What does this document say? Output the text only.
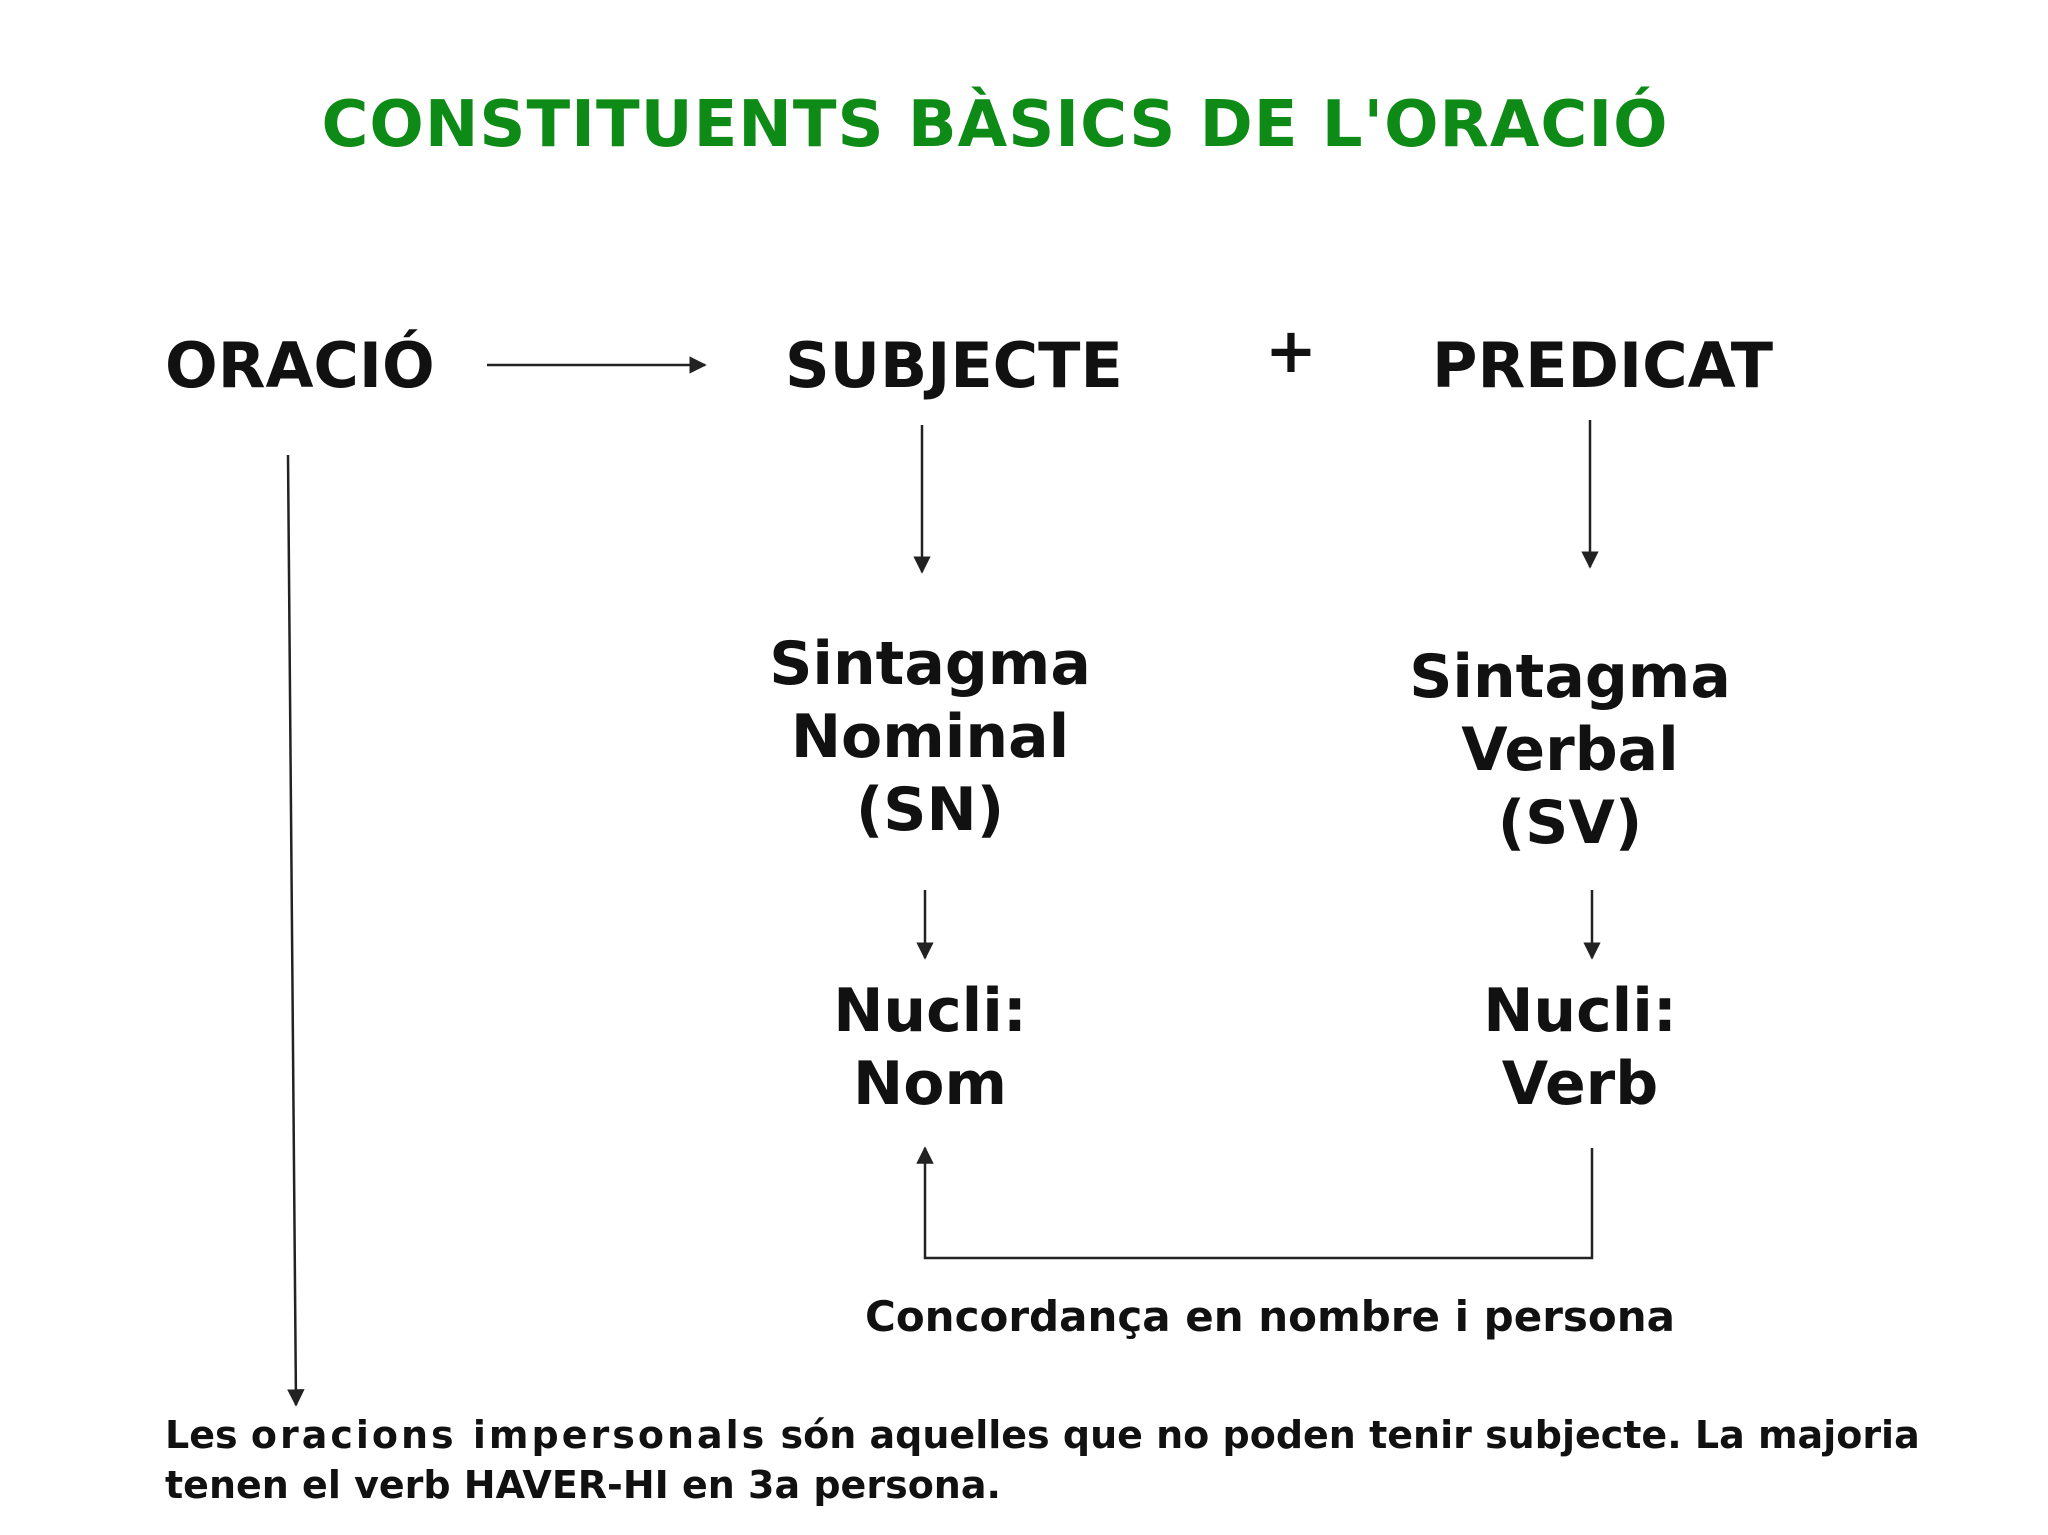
CONSTITUENTS BÀSICS DE L'ORACIÓ
ORACIÓ	SUBJECTE + PREDICAT
Sintagma
Nominal
(SN)
Sintagma
Verbal
(SV)
Nucli:
Nom
Nucli:
Verb
Concordança en nombre i persona
Les oracions impersonals són aquelles que no poden tenir subjecte. La majoria tenen el verb HAVER-HI en 3a persona.
